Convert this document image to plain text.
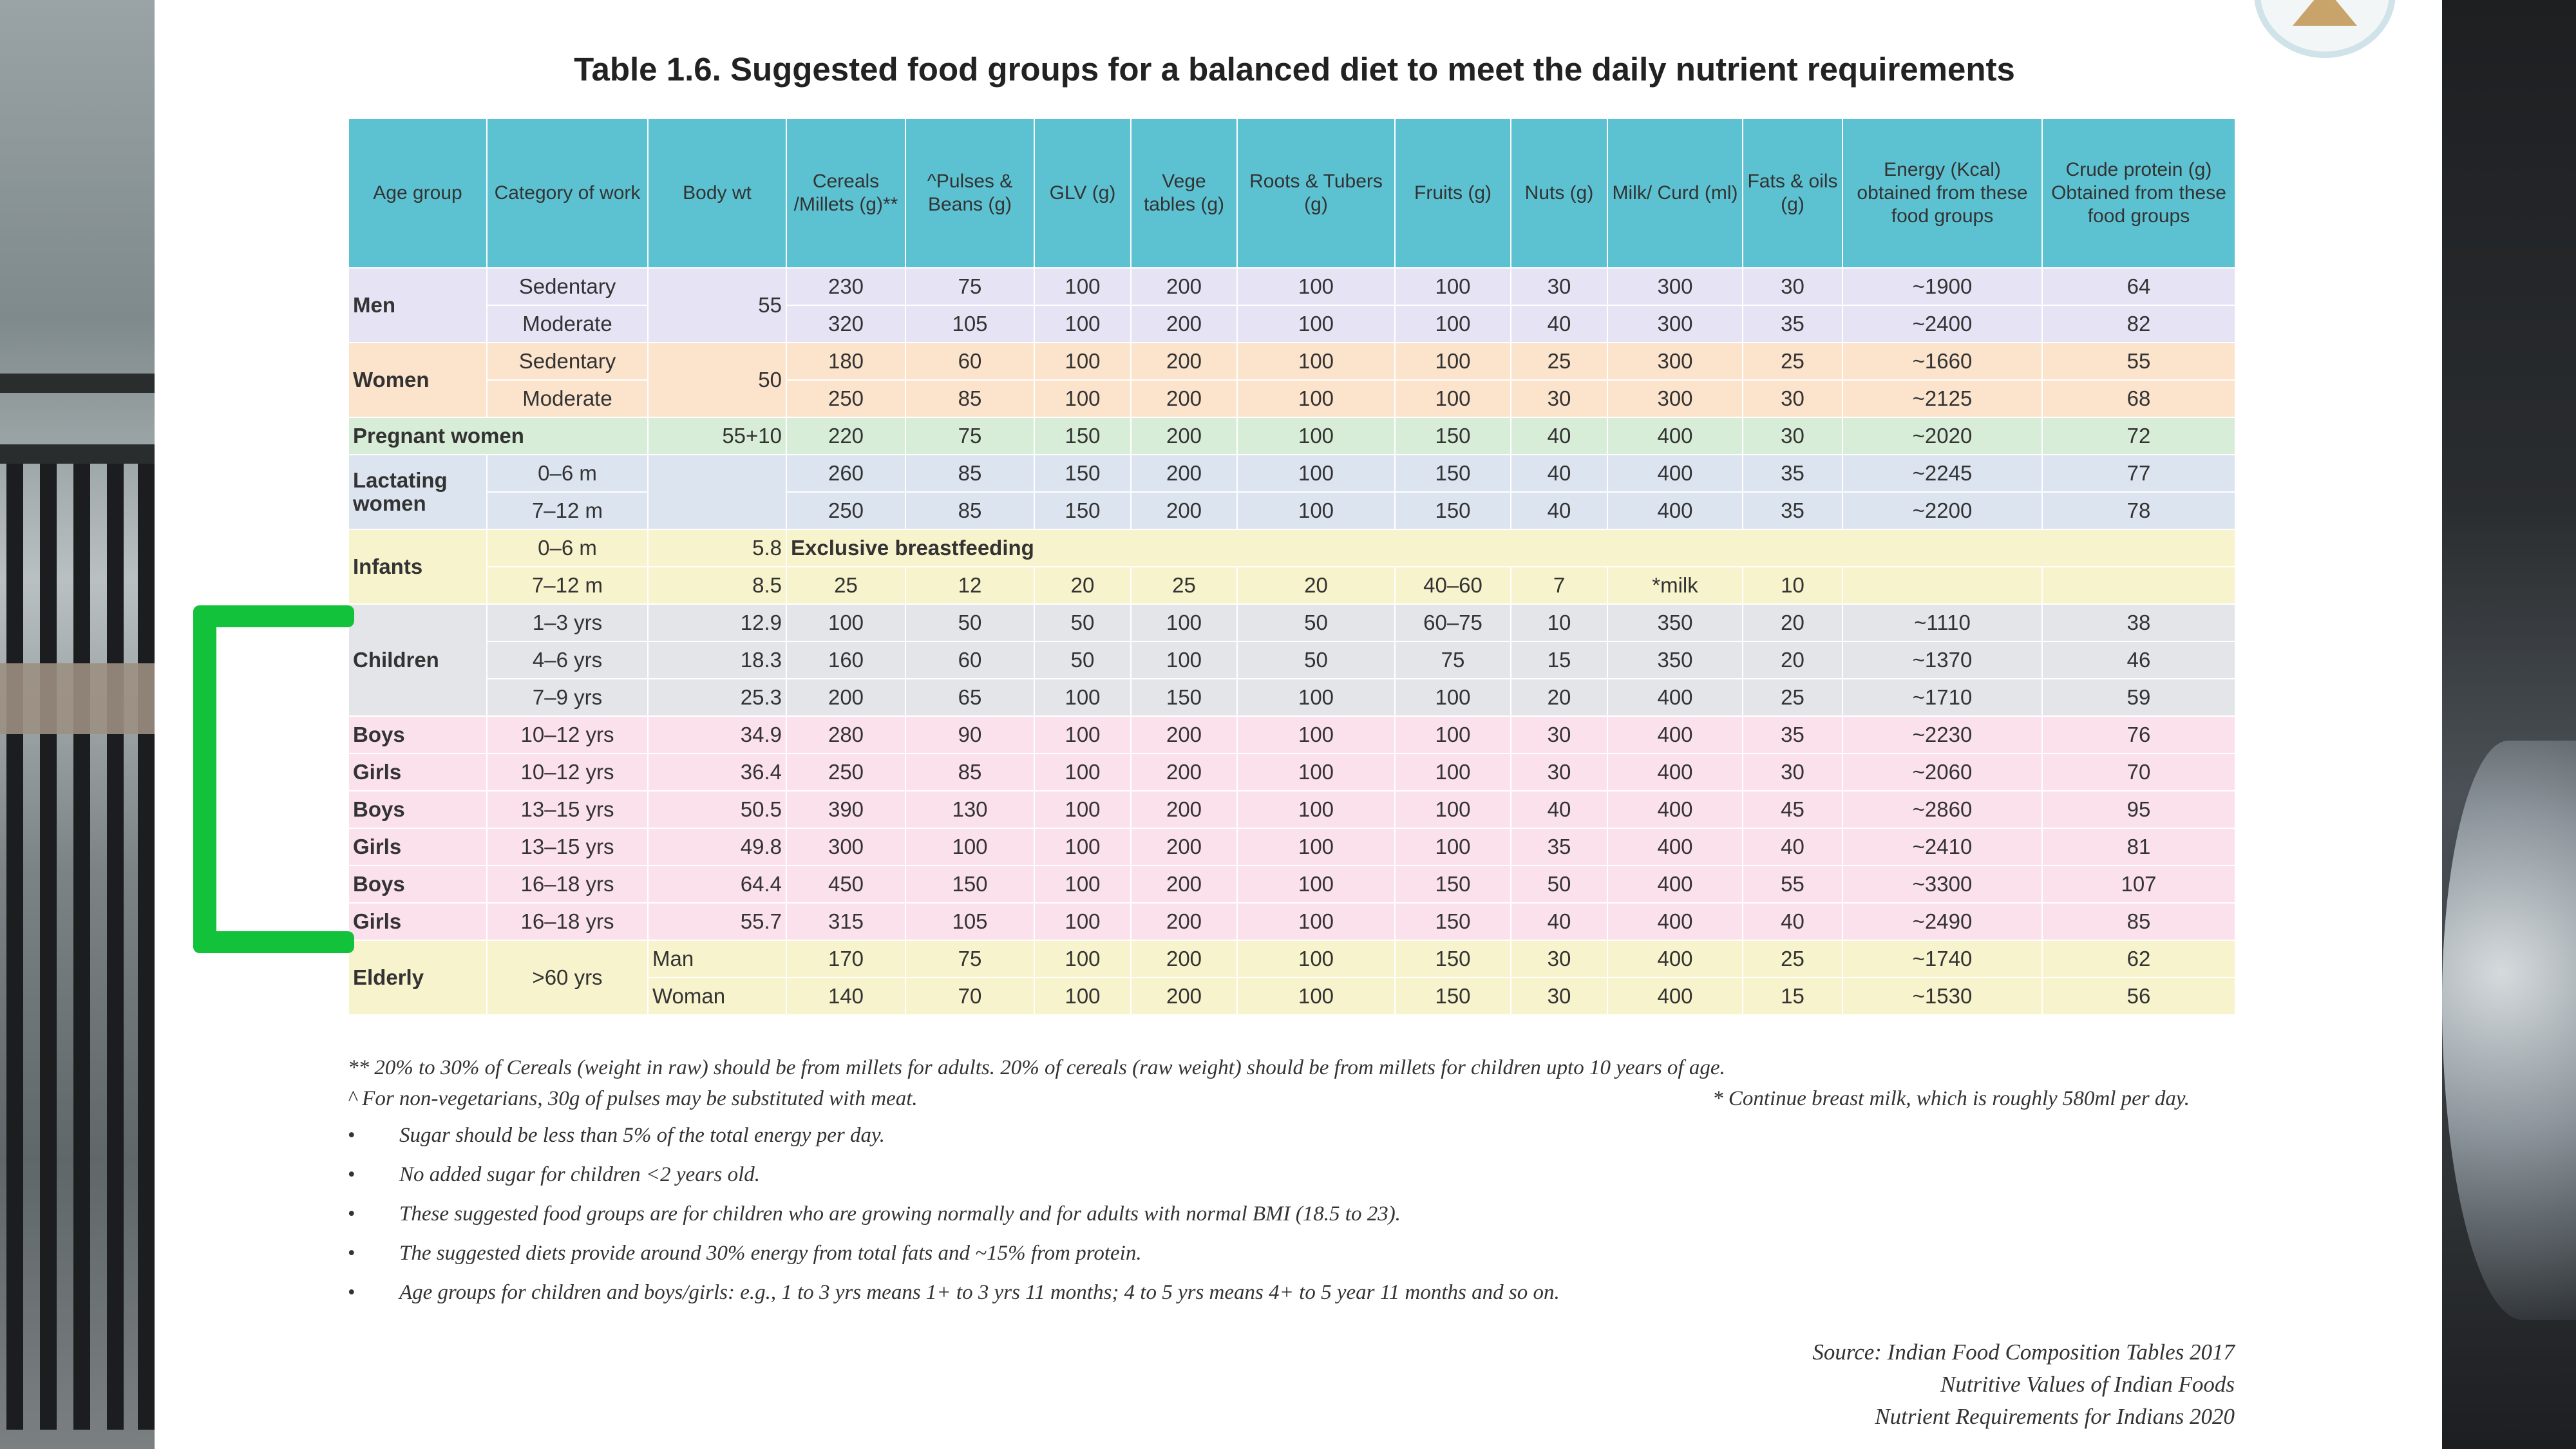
Table 1.6. Suggested food groups for a balanced diet to meet the daily nutrient requirements
Age group	Category of work	Body wt	Cereals /Millets (g)**	^Pulses & Beans (g)	GLV (g)	Vege tables (g)	Roots & Tubers (g)	Fruits (g)	Nuts (g)	Milk/ Curd (ml)	Fats & oils (g)	Energy (Kcal) obtained from these food groups	Crude protein (g) Obtained from these food groups
Men	Sedentary	55	230	75	100	200	100	100	30	300	30	~1900	64
	Moderate		320	105	100	200	100	100	40	300	35	~2400	82
Women	Sedentary	50	180	60	100	200	100	100	25	300	25	~1660	55
	Moderate		250	85	100	200	100	100	30	300	30	~2125	68
Pregnant women		55+10	220	75	150	200	100	150	40	400	30	~2020	72
Lactating women	0–6 m		260	85	150	200	100	150	40	400	35	~2245	77
	7–12 m		250	85	150	200	100	150	40	400	35	~2200	78
Infants	0–6 m	5.8	Exclusive breastfeeding										
	7–12 m	8.5	25	12	20	25	20	40–60	7	*milk	10		
Children	1–3 yrs	12.9	100	50	50	100	50	60–75	10	350	20	~1110	38
	4–6 yrs	18.3	160	60	50	100	50	75	15	350	20	~1370	46
	7–9 yrs	25.3	200	65	100	150	100	100	20	400	25	~1710	59
Boys	10–12 yrs	34.9	280	90	100	200	100	100	30	400	35	~2230	76
Girls	10–12 yrs	36.4	250	85	100	200	100	100	30	400	30	~2060	70
Boys	13–15 yrs	50.5	390	130	100	200	100	100	40	400	45	~2860	95
Girls	13–15 yrs	49.8	300	100	100	200	100	100	35	400	40	~2410	81
Boys	16–18 yrs	64.4	450	150	100	200	100	150	50	400	55	~3300	107
Girls	16–18 yrs	55.7	315	105	100	200	100	150	40	400	40	~2490	85
Elderly	>60 yrs	Man	170	75	100	200	100	150	30	400	25	~1740	62
		Woman	140	70	100	200	100	150	30	400	15	~1530	56
** 20% to 30% of Cereals (weight in raw) should be from millets for adults. 20% of cereals (raw weight) should be from millets for children upto 10 years of age.
^ For non-vegetarians, 30g of pulses may be substituted with meat.	* Continue breast milk, which is roughly 580ml per day.
• Sugar should be less than 5% of the total energy per day.
• No added sugar for children <2 years old.
• These suggested food groups are for children who are growing normally and for adults with normal BMI (18.5 to 23).
• The suggested diets provide around 30% energy from total fats and ~15% from protein.
• Age groups for children and boys/girls: e.g., 1 to 3 yrs means 1+ to 3 yrs 11 months; 4 to 5 yrs means 4+ to 5 year 11 months and so on.
Source: Indian Food Composition Tables 2017
Nutritive Values of Indian Foods
Nutrient Requirements for Indians 2020
